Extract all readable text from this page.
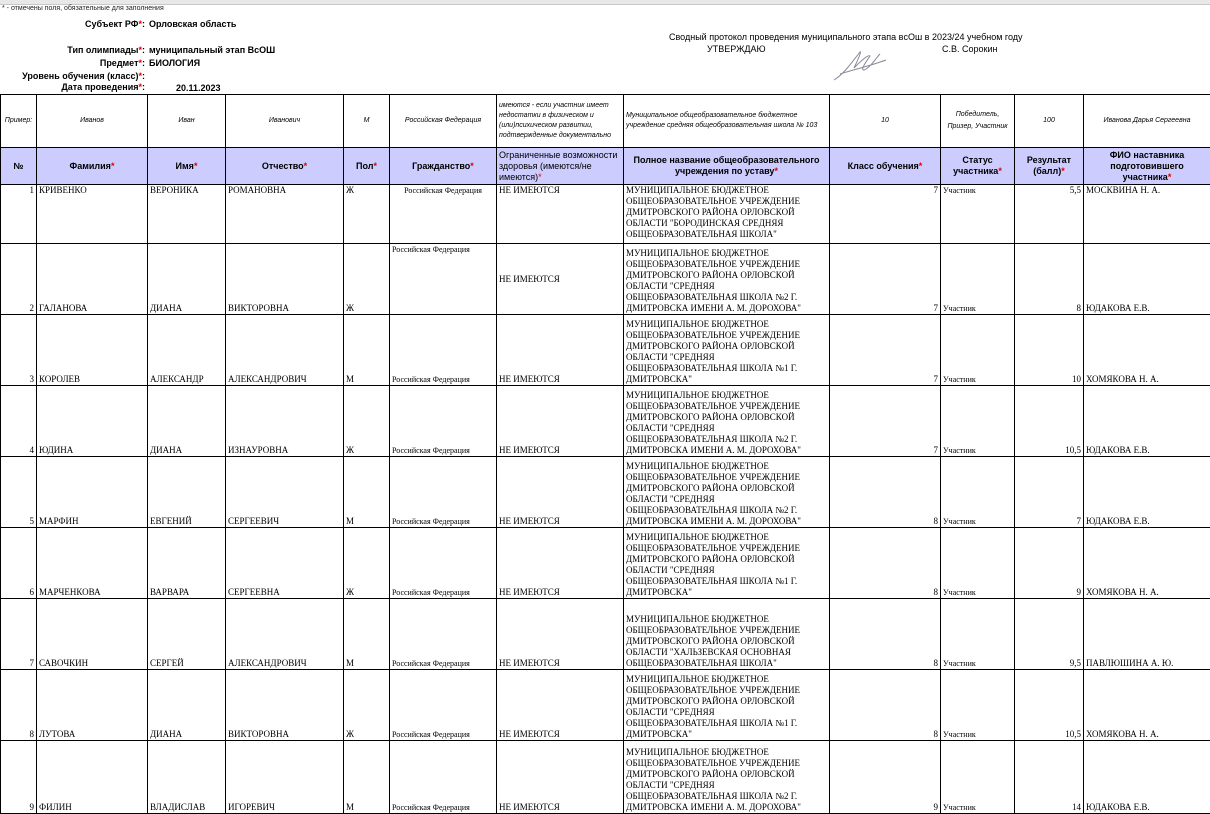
* - отмечены поля, обязательные для заполнения
Субъект РФ*: Орловская область
Тип олимпиады*: муниципальный этап ВсОШ
Предмет*: БИОЛОГИЯ
Уровень обучения (класс)*:
Дата проведения*:	20.11.2023
Сводный протокол проведения муниципального этапа вcОш в 2023/24 учебном году
УТВЕРЖДАЮ	С.В. Сорокин
Пример:	Иванов	Иван	Иванович	М	Российская Федерация	имеются - если участник имеет недостатки в физическом и (или)психическом развитии, подтвержденные документально	Муниципальное общеобразовательное бюджетное учреждение средняя общеобразовательная школа № 103	10	Победитель, Призер, Участник	100	Иванова Дарья Сергеевна
№	Фамилия*	Имя*	Отчество*	Пол*	Гражданство*	Ограниченные возможности здоровья (имеются/не имеются)*	Полное название общеобразовательного учреждения по уставу*	Класс обучения*	Статус участника*	Результат (балл)*	ФИО наставника подготовившего участника*
1	КРИВЕНКО	ВЕРОНИКА	РОМАНОВНА	Ж	Российская Федерация	НЕ ИМЕЮТСЯ	МУНИЦИПАЛЬНОЕ БЮДЖЕТНОЕ ОБЩЕОБРАЗОВАТЕЛЬНОЕ УЧРЕЖДЕНИЕ ДМИТРОВСКОГО РАЙОНА ОРЛОВСКОЙ ОБЛАСТИ "БОРОДИНСКАЯ СРЕДНЯЯ ОБЩЕОБРАЗОВАТЕЛЬНАЯ ШКОЛА"	7	Участник	5,5	МОСКВИНА Н. А.
2	ГАЛАНОВА	ДИАНА	ВИКТОРОВНА	Ж	Российская Федерация	НЕ ИМЕЮТСЯ	МУНИЦИПАЛЬНОЕ БЮДЖЕТНОЕ ОБЩЕОБРАЗОВАТЕЛЬНОЕ УЧРЕЖДЕНИЕ ДМИТРОВСКОГО РАЙОНА ОРЛОВСКОЙ ОБЛАСТИ "СРЕДНЯЯ ОБЩЕОБРАЗОВАТЕЛЬНАЯ ШКОЛА №2 Г. ДМИТРОВСКА ИМЕНИ А. М. ДОРОХОВА"	7	Участник	8	ЮДАКОВА Е.В.
3	КОРОЛЕВ	АЛЕКСАНДР	АЛЕКСАНДРОВИЧ	М	Российская Федерация	НЕ ИМЕЮТСЯ	МУНИЦИПАЛЬНОЕ БЮДЖЕТНОЕ ОБЩЕОБРАЗОВАТЕЛЬНОЕ УЧРЕЖДЕНИЕ ДМИТРОВСКОГО РАЙОНА ОРЛОВСКОЙ ОБЛАСТИ "СРЕДНЯЯ ОБЩЕОБРАЗОВАТЕЛЬНАЯ ШКОЛА №1 Г. ДМИТРОВСКА"	7	Участник	10	ХОМЯКОВА Н. А.
4	ЮДИНА	ДИАНА	ИЗНАУРОВНА	Ж	Российская Федерация	НЕ ИМЕЮТСЯ	МУНИЦИПАЛЬНОЕ БЮДЖЕТНОЕ ОБЩЕОБРАЗОВАТЕЛЬНОЕ УЧРЕЖДЕНИЕ ДМИТРОВСКОГО РАЙОНА ОРЛОВСКОЙ ОБЛАСТИ "СРЕДНЯЯ ОБЩЕОБРАЗОВАТЕЛЬНАЯ ШКОЛА №2 Г. ДМИТРОВСКА ИМЕНИ А. М. ДОРОХОВА"	7	Участник	10,5	ЮДАКОВА Е.В.
5	МАРФИН	ЕВГЕНИЙ	СЕРГЕЕВИЧ	М	Российская Федерация	НЕ ИМЕЮТСЯ	МУНИЦИПАЛЬНОЕ БЮДЖЕТНОЕ ОБЩЕОБРАЗОВАТЕЛЬНОЕ УЧРЕЖДЕНИЕ ДМИТРОВСКОГО РАЙОНА ОРЛОВСКОЙ ОБЛАСТИ "СРЕДНЯЯ ОБЩЕОБРАЗОВАТЕЛЬНАЯ ШКОЛА №2 Г. ДМИТРОВСКА ИМЕНИ А. М. ДОРОХОВА"	8	Участник	7	ЮДАКОВА Е.В.
6	МАРЧЕНКОВА	ВАРВАРА	СЕРГЕЕВНА	Ж	Российская Федерация	НЕ ИМЕЮТСЯ	МУНИЦИПАЛЬНОЕ БЮДЖЕТНОЕ ОБЩЕОБРАЗОВАТЕЛЬНОЕ УЧРЕЖДЕНИЕ ДМИТРОВСКОГО РАЙОНА ОРЛОВСКОЙ ОБЛАСТИ "СРЕДНЯЯ ОБЩЕОБРАЗОВАТЕЛЬНАЯ ШКОЛА №1 Г. ДМИТРОВСКА"	8	Участник	9	ХОМЯКОВА Н. А.
7	САВОЧКИН	СЕРГЕЙ	АЛЕКСАНДРОВИЧ	М	Российская Федерация	НЕ ИМЕЮТСЯ	МУНИЦИПАЛЬНОЕ БЮДЖЕТНОЕ ОБЩЕОБРАЗОВАТЕЛЬНОЕ УЧРЕЖДЕНИЕ ДМИТРОВСКОГО РАЙОНА ОРЛОВСКОЙ ОБЛАСТИ "ХАЛЬЗЕВСКАЯ ОСНОВНАЯ ОБЩЕОБРАЗОВАТЕЛЬНАЯ ШКОЛА"	8	Участник	9,5	ПАВЛЮШИНА А. Ю.
8	ЛУТОВА	ДИАНА	ВИКТОРОВНА	Ж	Российская Федерация	НЕ ИМЕЮТСЯ	МУНИЦИПАЛЬНОЕ БЮДЖЕТНОЕ ОБЩЕОБРАЗОВАТЕЛЬНОЕ УЧРЕЖДЕНИЕ ДМИТРОВСКОГО РАЙОНА ОРЛОВСКОЙ ОБЛАСТИ "СРЕДНЯЯ ОБЩЕОБРАЗОВАТЕЛЬНАЯ ШКОЛА №1 Г. ДМИТРОВСКА"	8	Участник	10,5	ХОМЯКОВА Н. А.
9	ФИЛИН	ВЛАДИСЛАВ	ИГОРЕВИЧ	М	Российская Федерация	НЕ ИМЕЮТСЯ	МУНИЦИПАЛЬНОЕ БЮДЖЕТНОЕ ОБЩЕОБРАЗОВАТЕЛЬНОЕ УЧРЕЖДЕНИЕ ДМИТРОВСКОГО РАЙОНА ОРЛОВСКОЙ ОБЛАСТИ "СРЕДНЯЯ ОБЩЕОБРАЗОВАТЕЛЬНАЯ ШКОЛА №2 Г. ДМИТРОВСКА ИМЕНИ А. М. ДОРОХОВА"	9	Участник	14	ЮДАКОВА Е.В.
